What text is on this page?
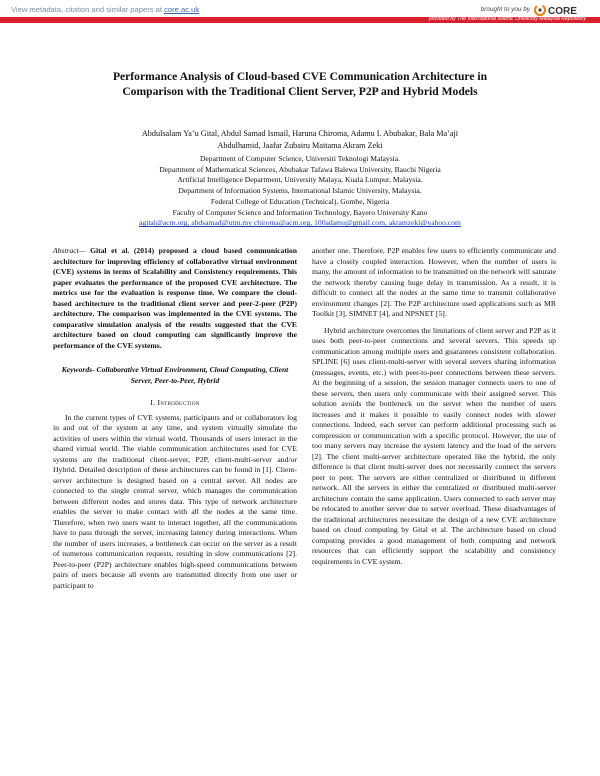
View metadata, citation and similar papers at core.ac.uk	brought to you by CORE
provided by The International Islamic University Malaysia Repository
Performance Analysis of Cloud-based CVE Communication Architecture in
Comparison with the Traditional Client Server, P2P and Hybrid Models
Abdulsalam Ya’u Gital, Abdul Samad Ismail, Haruna Chiroma, Adamu I. Abubakar, Bala Ma’aji
Abdulhamid, Jaafar Zubairu Maitama Akram Zeki
Department of Computer Science, Universiti Teknologi Malaysia.
Department of Mathematical Sciences, Abubakar Tafawa Balewa University, Bauchi Nigeria
Artificial Intelligence Department, University Malaya, Kuala Lumpur, Malaysia.
Department of Information Systems, International Islamic University, Malaysia.
Federal College of Education (Technical), Gombe, Nigeria
Faculty of Computer Science and Information Technology, Bayero University Kano
agital@acm.org, abdsamad@utm.my chiroma@acm.org, 100adamu@gmail.com, akramzeki@yahoo.com

Abstract— Gital et al. (2014) proposed a cloud based communication architecture for improving efficiency of collaborative virtual environment (CVE) systems in terms of Scalability and Consistency requirements. This paper evaluates the performance of the proposed CVE architecture. The metrics use for the evaluation is response time. We compare the cloud-based architecture to the traditional client server and peer-2-peer (P2P) architecture. The comparison was implemented in the CVE systems. The comparative simulation analysis of the results suggested that the CVE architecture based on cloud computing can significantly improve the performance of the CVE systems.

Keywords- Collaborative Virtual Environment, Cloud Computing, Client Server, Peer-to-Peer, Hybrid

I. Introduction

In the current types of CVE systems, participants and or collaborators log in and out of the system at any time, and system virtually simulate the activities of users within the virtual world. Thousands of users interact in the shared virtual world. The viable communication architectures used for CVE systems are the traditional client-server, P2P, client-multi-server and/or Hybrid. Detailed description of these architectures can be found in [1]. Client-server architecture is designed based on a central server. All nodes are connected to the single central server, which manages the communication between different nodes and stores data. This type of network architecture enables the server to make contact with all the nodes at the same time. Therefore, when two users want to interact together, all the communications have to pass through the server, increasing latency during interactions. When the number of users increases, a bottleneck can occur on the server as a result of numerous communication requests, resulting in slow communications [2]. Peer-to-peer (P2P) architecture enables high-speed communications between pairs of users because all events are transmitted directly from one user or participant to

another one. Therefore, P2P enables few users to efficiently communicate and have a closely coupled interaction. However, when the number of users is many, the amount of information to be transmitted on the network will saturate the network thereby causing huge delay in transmission. As a result, it is difficult to connect all the nodes at the same time to transmit collaborative environment changes [2]. The P2P architecture used applications such as MR Toolkit [3], SIMNET [4], and NPSNET [5].

Hybrid architecture overcomes the limitations of client server and P2P as it uses both peer-to-peer connections and several servers. This speeds up communication among multiple users and guarantees consistent collaboration. SPLINE [6] uses client-multi-server with several servers sharing information (messages, events, etc.) with peer-to-peer connections between these servers. At the beginning of a session, the session manager connects users to one of these servers, then users only communicate with their assigned server. This solution avoids the bottleneck on the server when the number of users increases and it makes it possible to easily connect nodes with slower connections. Indeed, each server can perform additional processing such as compression or communication with a specific protocol. However, the use of too many servers may increase the system latency and the load of the servers [2]. The client multi-server architecture operated like the hybrid, the only difference is that client multi-server does not necessarily connect the servers peer to peer. The servers are either centralized or distributed in different network. All the servers in either the centralized or distributed multi-server architecture contain the same application. Users connected to each server may be relocated to another server due to server overload. These disadvantages of the traditional architectures necessitate the design of a new CVE architecture based on cloud computing by Gital et al. The architecture based on cloud computing provides a good management of both computing and network resources that can efficiently support the scalability and consistency requirements in CVE system.
